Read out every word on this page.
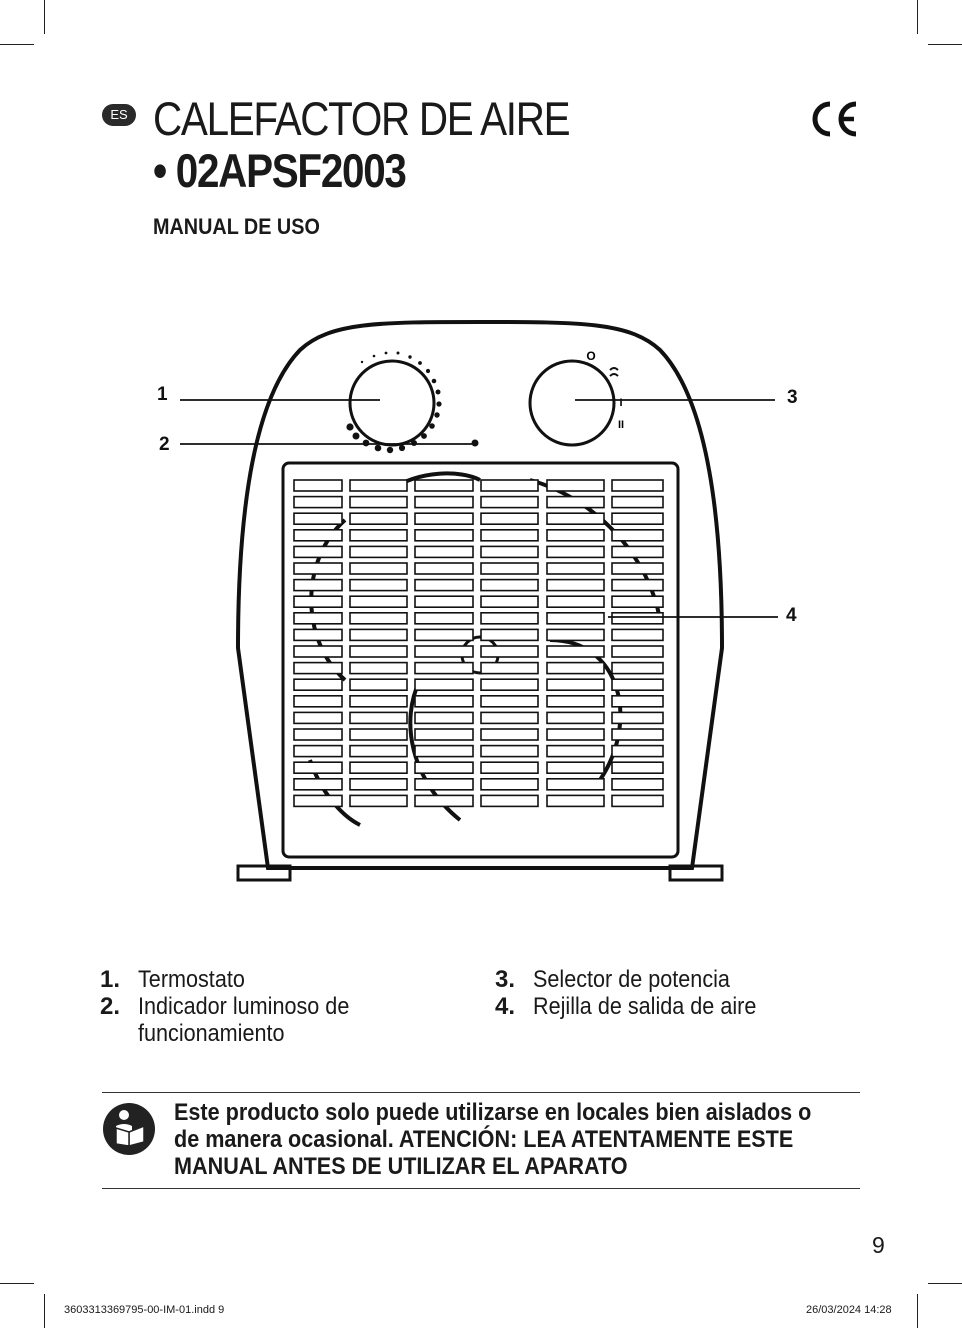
ES CALEFACTOR DE AIRE
• 02APSF2003
MANUAL DE USO
O
I
II
1
2
3
4
1. Termostato
2. Indicador luminoso de funcionamiento
3. Selector de potencia
4. Rejilla de salida de aire
Este producto solo puede utilizarse en locales bien aislados o de manera ocasional. ATENCIÓN: LEA ATENTAMENTE ESTE MANUAL ANTES DE UTILIZAR EL APARATO
9
3603313369795-00-IM-01.indd 9	26/03/2024 14:28
